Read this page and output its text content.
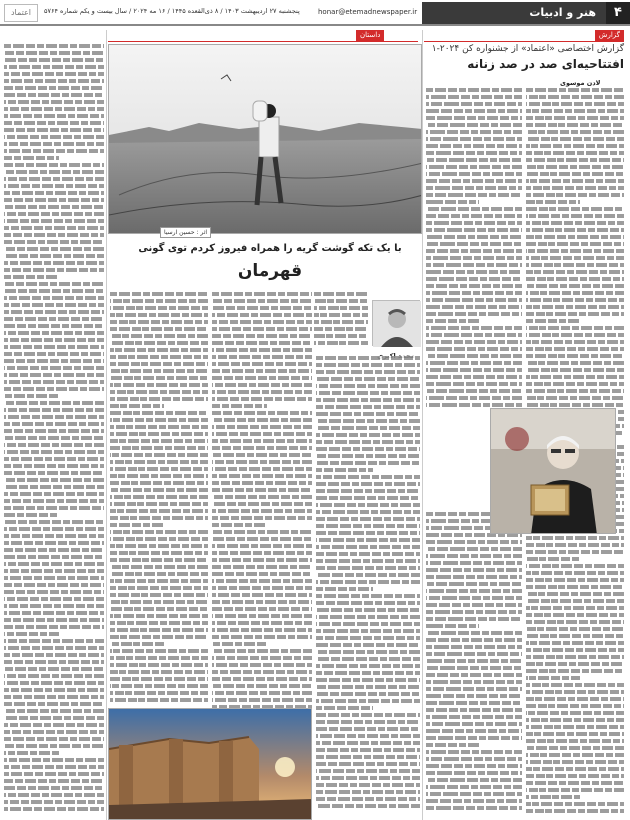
اعتماد	پنجشنبه ۲۷ اردیبهشت ۱۴۰۳ / ۸ ذی‌القعده ۱۴۴۵ / ۱۶ مه ۲۰۲۴ / سال بیست و یکم شماره ۵۷۶۴	honar@etemadnewspaper.ir	هنر و ادبیات	۴
گزارش
داستان
گزارش اختصاصی «اعتماد» از جشنواره کن ۲۰۲۴-۱
افتتاحیه‌ای صد در صد زنانه
لادن موسوی
اثر : حسین ارسیا
با یک تکه گوشت گریه را همراه فیروز کردم توی گونی
قهرمان
